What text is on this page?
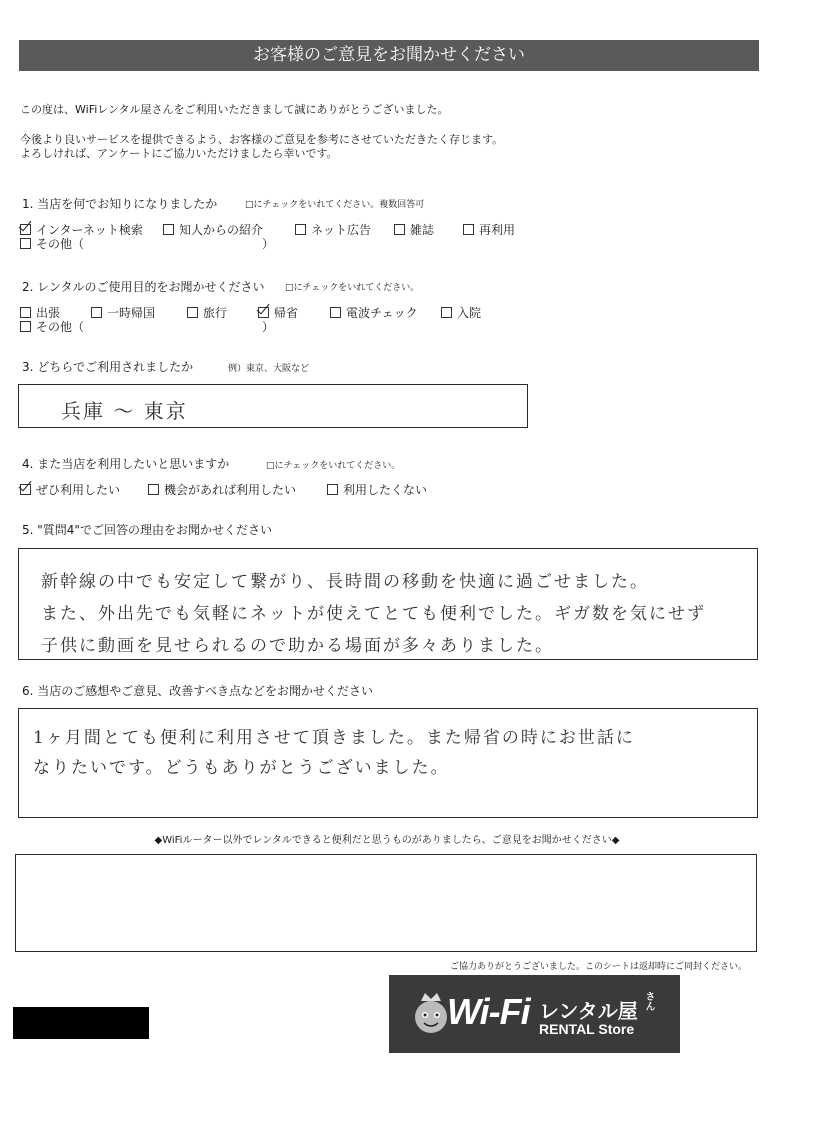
お客様のご意見をお聞かせください
この度は、WiFiレンタル屋さんをご利用いただきまして誠にありがとうございました。
今後より良いサービスを提供できるよう、お客様のご意見を参考にさせていただきたく存じます。
よろしければ、アンケートにご協力いただけましたら幸いです。
1. 当店を何でお知りになりましたか	□にチェックをいれてください。複数回答可
インターネット検索	知人からの紹介	ネット広告	雑誌	再利用
その他（	）
2. レンタルのご使用目的をお聞かせください □にチェックをいれてください。
出張	一時帰国	旅行	帰省	電波チェック	入院
その他（	）
3. どちらでご利用されましたか	例）東京、大阪など
兵庫 〜 東京
4. また当店を利用したいと思いますか	□にチェックをいれてください。
ぜひ利用したい	機会があれば利用したい	利用したくない
5. "質問4"でご回答の理由をお聞かせください
新幹線の中でも安定して繋がり、長時間の移動を快適に過ごせました。
また、外出先でも気軽にネットが使えてとても便利でした。ギガ数を気にせず
子供に動画を見せられるので助かる場面が多々ありました。
6. 当店のご感想やご意見、改善すべき点などをお聞かせください
1ヶ月間とても便利に利用させて頂きました。また帰省の時にお世話に
なりたいです。どうもありがとうございました。
◆WiFiルーター以外でレンタルできると便利だと思うものがありましたら、ご意見をお聞かせください◆
ご協力ありがとうございました。このシートは返却時にご同封ください。
Wi-Fi レンタル屋 さん
RENTAL Store
